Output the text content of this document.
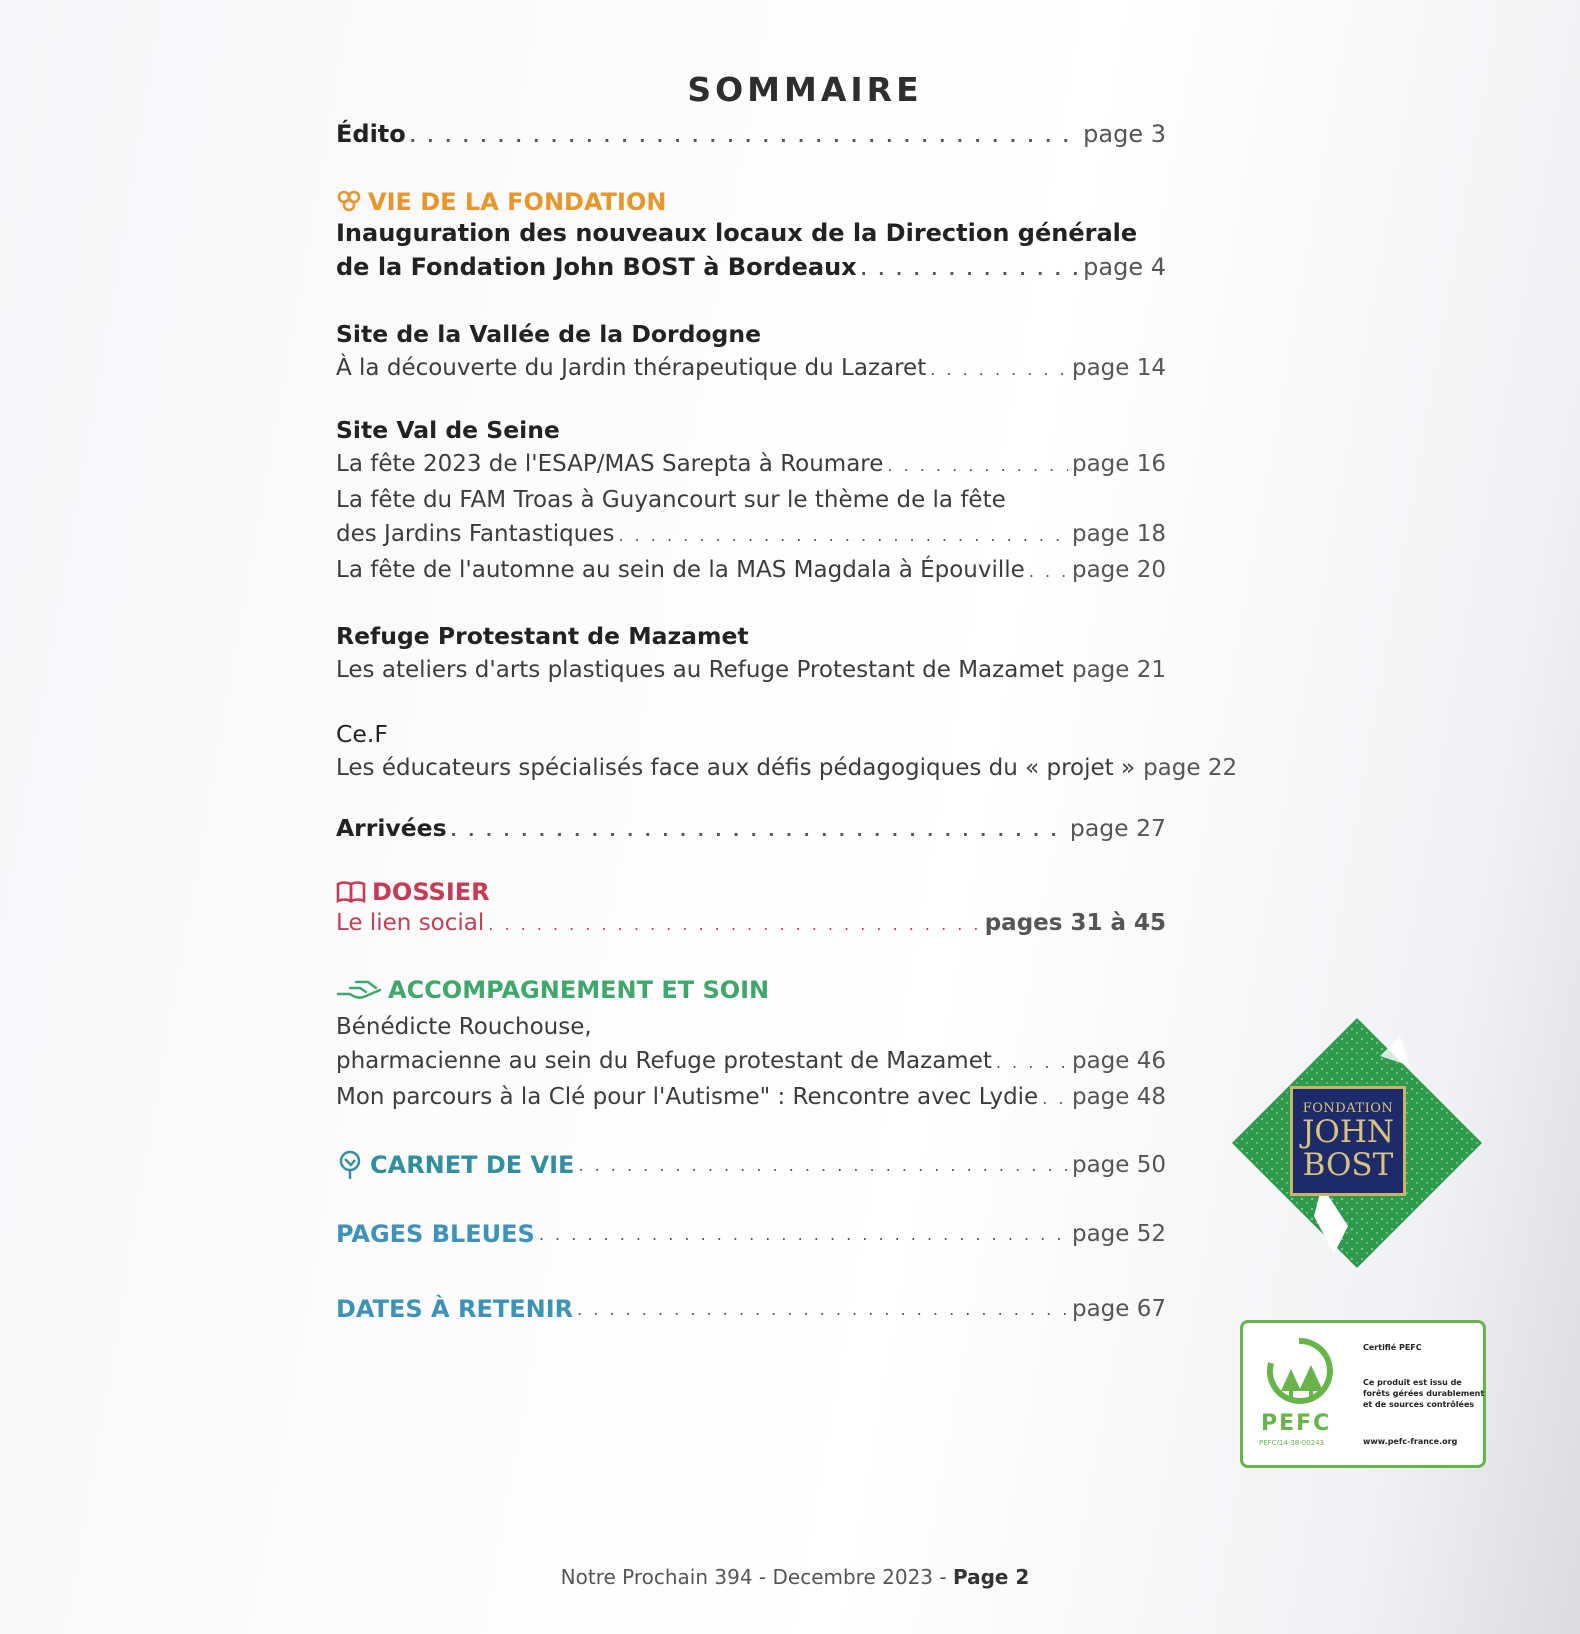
SOMMAIRE
Édito . . .	page 3
VIE DE LA FONDATION
Inauguration des nouveaux locaux de la Direction générale
de la Fondation John BOST à Bordeaux . . .	page 4
Site de la Vallée de la Dordogne
À la découverte du Jardin thérapeutique du Lazaret . . .	page 14
Site Val de Seine
La fête 2023 de l'ESAP/MAS Sarepta à Roumare . . .	page 16
La fête du FAM Troas à Guyancourt sur le thème de la fête
des Jardins Fantastiques . . .	page 18
La fête de l'automne au sein de la MAS Magdala à Épouville . . . page 20
Refuge Protestant de Mazamet
Les ateliers d'arts plastiques au Refuge Protestant de Mazamet . . . page 21
Ce.F
Les éducateurs spécialisés face aux défis pédagogiques du « projet » page 22
Arrivées . . .	page 27
DOSSIER
Le lien social . . .	pages 31 à 45
ACCOMPAGNEMENT ET SOIN
Bénédicte Rouchouse,
pharmacienne au sein du Refuge protestant de Mazamet . . .	page 46
Mon parcours à la Clé pour l'Autisme" : Rencontre avec Lydie . . . page 48
CARNET DE VIE . . .	page 50
PAGES BLEUES . . .	page 52
DATES À RETENIR . . .	page 67
FONDATION
JOHN
BOST
PEFC
PEFC/14-38-00243
Certifié PEFC
Ce produit est issu de forêts gérées durablement et de sources contrôlées
www.pefc-france.org
Notre Prochain 394 - Decembre 2023 - Page 2
